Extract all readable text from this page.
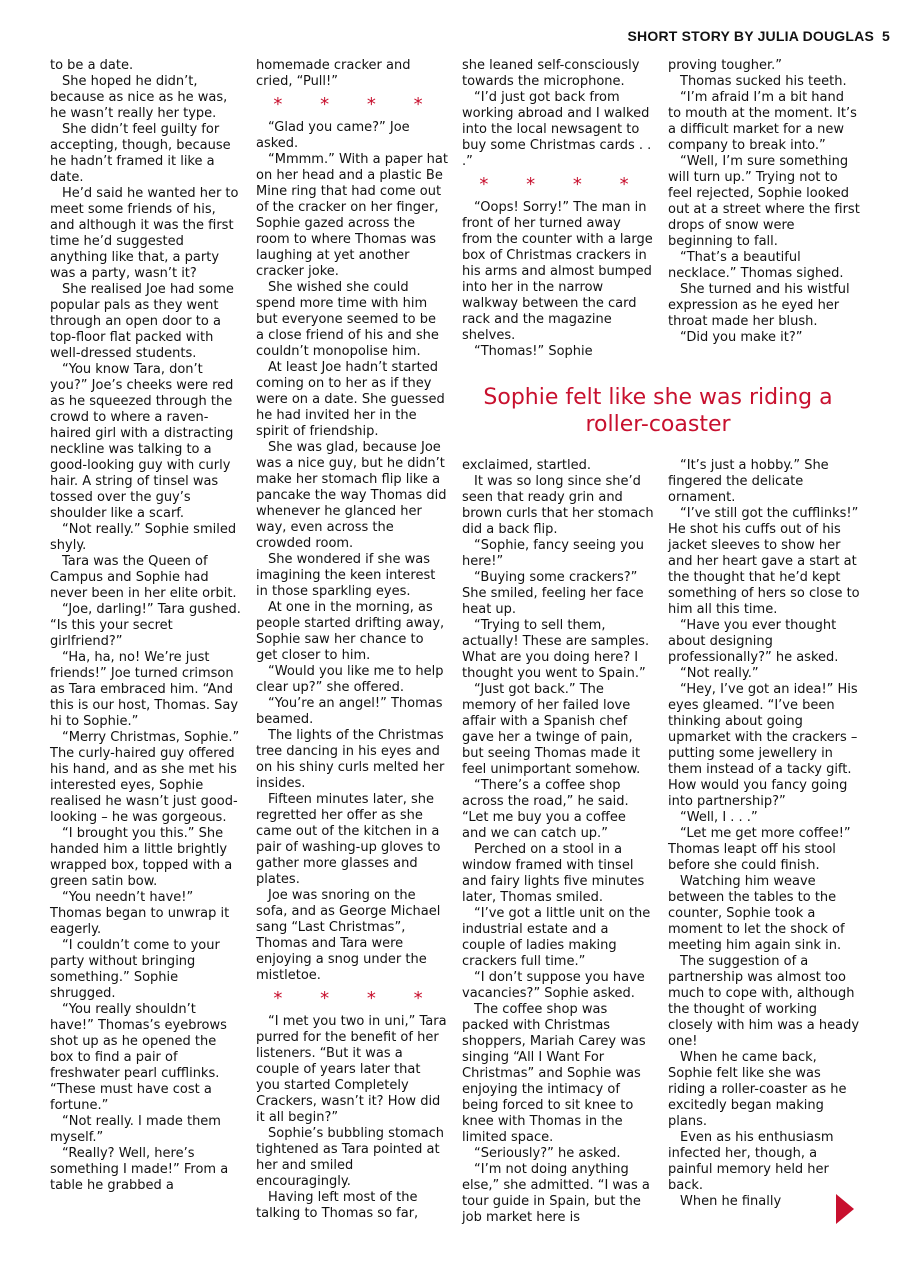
SHORT STORY BY JULIA DOUGLAS 5

to be a date.

She hoped he didn’t, because as nice as he was, he wasn’t really her type.

She didn’t feel guilty for accepting, though, because he hadn’t framed it like a date.

He’d said he wanted her to meet some friends of his, and although it was the first time he’d suggested anything like that, a party was a party, wasn’t it?

She realised Joe had some popular pals as they went through an open door to a top-floor flat packed with well-dressed students.

“You know Tara, don’t you?” Joe’s cheeks were red as he squeezed through the crowd to where a raven-haired girl with a distracting neckline was talking to a good-looking guy with curly hair. A string of tinsel was tossed over the guy’s shoulder like a scarf.

“Not really.” Sophie smiled shyly.

Tara was the Queen of Campus and Sophie had never been in her elite orbit.

“Joe, darling!” Tara gushed. “Is this your secret girlfriend?”

“Ha, ha, no! We’re just friends!” Joe turned crimson as Tara embraced him. “And this is our host, Thomas. Say hi to Sophie.”

“Merry Christmas, Sophie.” The curly-haired guy offered his hand, and as she met his interested eyes, Sophie realised he wasn’t just good-looking – he was gorgeous.

“I brought you this.” She handed him a little brightly wrapped box, topped with a green satin bow.

“You needn’t have!” Thomas began to unwrap it eagerly.

“I couldn’t come to your party without bringing something.” Sophie shrugged.

“You really shouldn’t have!” Thomas’s eyebrows shot up as he opened the box to find a pair of freshwater pearl cufflinks. “These must have cost a fortune.”

“Not really. I made them myself.”

“Really? Well, here’s something I made!” From a table he grabbed a

homemade cracker and cried, “Pull!”

* * * *

“Glad you came?” Joe asked.

“Mmmm.” With a paper hat on her head and a plastic Be Mine ring that had come out of the cracker on her finger, Sophie gazed across the room to where Thomas was laughing at yet another cracker joke.

She wished she could spend more time with him but everyone seemed to be a close friend of his and she couldn’t monopolise him.

At least Joe hadn’t started coming on to her as if they were on a date. She guessed he had invited her in the spirit of friendship.

She was glad, because Joe was a nice guy, but he didn’t make her stomach flip like a pancake the way Thomas did whenever he glanced her way, even across the crowded room.

She wondered if she was imagining the keen interest in those sparkling eyes.

At one in the morning, as people started drifting away, Sophie saw her chance to get closer to him.

“Would you like me to help clear up?” she offered.

“You’re an angel!” Thomas beamed.

The lights of the Christmas tree dancing in his eyes and on his shiny curls melted her insides.

Fifteen minutes later, she regretted her offer as she came out of the kitchen in a pair of washing-up gloves to gather more glasses and plates.

Joe was snoring on the sofa, and as George Michael sang “Last Christmas”, Thomas and Tara were enjoying a snog under the mistletoe.

* * * *

“I met you two in uni,” Tara purred for the benefit of her listeners. “But it was a couple of years later that you started Completely Crackers, wasn’t it? How did it all begin?”

Sophie’s bubbling stomach tightened as Tara pointed at her and smiled encouragingly.

Having left most of the talking to Thomas so far,

she leaned self-consciously towards the microphone.

“I’d just got back from working abroad and I walked into the local newsagent to buy some Christmas cards . . .”

* * * *

“Oops! Sorry!” The man in front of her turned away from the counter with a large box of Christmas crackers in his arms and almost bumped into her in the narrow walkway between the card rack and the magazine shelves.

“Thomas!” Sophie

proving tougher.”

Thomas sucked his teeth.

“I’m afraid I’m a bit hand to mouth at the moment. It’s a difficult market for a new company to break into.”

“Well, I’m sure something will turn up.” Trying not to feel rejected, Sophie looked out at a street where the first drops of snow were beginning to fall.

“That’s a beautiful necklace.” Thomas sighed.

She turned and his wistful expression as he eyed her throat made her blush.

“Did you make it?”

Sophie felt like she was riding a roller-coaster

exclaimed, startled.

It was so long since she’d seen that ready grin and brown curls that her stomach did a back flip.

“Sophie, fancy seeing you here!”

“Buying some crackers?” She smiled, feeling her face heat up.

“Trying to sell them, actually! These are samples. What are you doing here? I thought you went to Spain.”

“Just got back.” The memory of her failed love affair with a Spanish chef gave her a twinge of pain, but seeing Thomas made it feel unimportant somehow.

“There’s a coffee shop across the road,” he said. “Let me buy you a coffee and we can catch up.”

Perched on a stool in a window framed with tinsel and fairy lights five minutes later, Thomas smiled.

“I’ve got a little unit on the industrial estate and a couple of ladies making crackers full time.”

“I don’t suppose you have vacancies?” Sophie asked.

The coffee shop was packed with Christmas shoppers, Mariah Carey was singing “All I Want For Christmas” and Sophie was enjoying the intimacy of being forced to sit knee to knee with Thomas in the limited space.

“Seriously?” he asked.

“I’m not doing anything else,” she admitted. “I was a tour guide in Spain, but the job market here is

“It’s just a hobby.” She fingered the delicate ornament.

“I’ve still got the cufflinks!” He shot his cuffs out of his jacket sleeves to show her and her heart gave a start at the thought that he’d kept something of hers so close to him all this time.

“Have you ever thought about designing professionally?” he asked.

“Not really.”

“Hey, I’ve got an idea!” His eyes gleamed. “I’ve been thinking about going upmarket with the crackers – putting some jewellery in them instead of a tacky gift. How would you fancy going into partnership?”

“Well, I . . .”

“Let me get more coffee!” Thomas leapt off his stool before she could finish.

Watching him weave between the tables to the counter, Sophie took a moment to let the shock of meeting him again sink in.

The suggestion of a partnership was almost too much to cope with, although the thought of working closely with him was a heady one!

When he came back, Sophie felt like she was riding a roller-coaster as he excitedly began making plans.

Even as his enthusiasm infected her, though, a painful memory held her back.

When he finally
